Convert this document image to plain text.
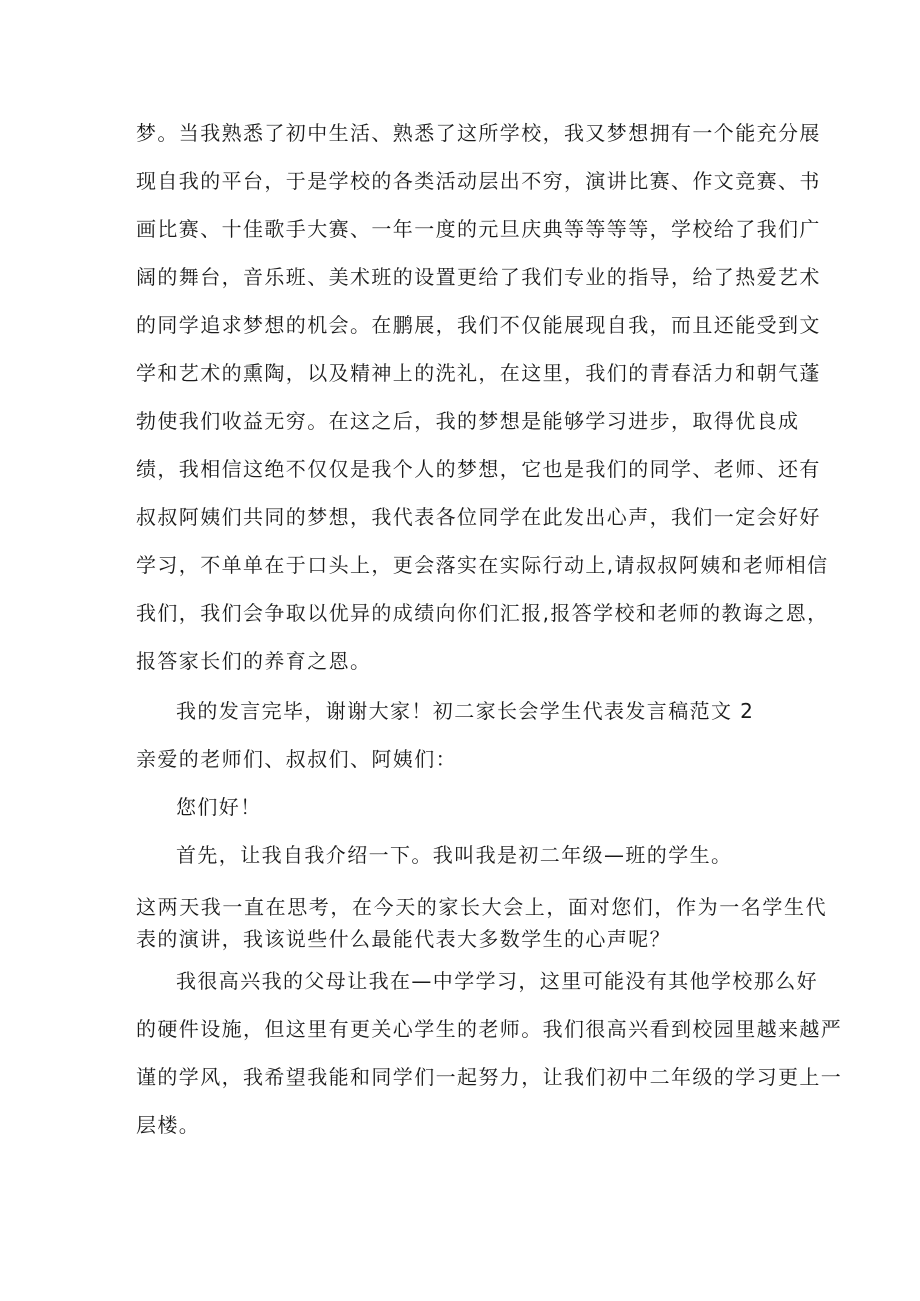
梦。当我熟悉了初中生活、熟悉了这所学校，我又梦想拥有一个能充分展
现自我的平台，于是学校的各类活动层出不穷，演讲比赛、作文竞赛、书
画比赛、十佳歌手大赛、一年一度的元旦庆典等等等等，学校给了我们广
阔的舞台，音乐班、美术班的设置更给了我们专业的指导，给了热爱艺术
的同学追求梦想的机会。在鹏展，我们不仅能展现自我，而且还能受到文
学和艺术的熏陶，以及精神上的洗礼，在这里，我们的青春活力和朝气蓬
勃使我们收益无穷。在这之后，我的梦想是能够学习进步，取得优良成
绩，我相信这绝不仅仅是我个人的梦想，它也是我们的同学、老师、还有
叔叔阿姨们共同的梦想，我代表各位同学在此发出心声，我们一定会好好
学习，不单单在于口头上，更会落实在实际行动上,请叔叔阿姨和老师相信
我们，我们会争取以优异的成绩向你们汇报,报答学校和老师的教诲之恩，
报答家长们的养育之恩。
我的发言完毕，谢谢大家！初二家长会学生代表发言稿范文 2
亲爱的老师们、叔叔们、阿姨们：
您们好！
首先，让我自我介绍一下。我叫我是初二年级—班的学生。
这两天我一直在思考，在今天的家长大会上，面对您们，作为一名学生代
表的演讲，我该说些什么最能代表大多数学生的心声呢？
我很高兴我的父母让我在—中学学习，这里可能没有其他学校那么好
的硬件设施，但这里有更关心学生的老师。我们很高兴看到校园里越来越严
谨的学风，我希望我能和同学们一起努力，让我们初中二年级的学习更上一
层楼。
